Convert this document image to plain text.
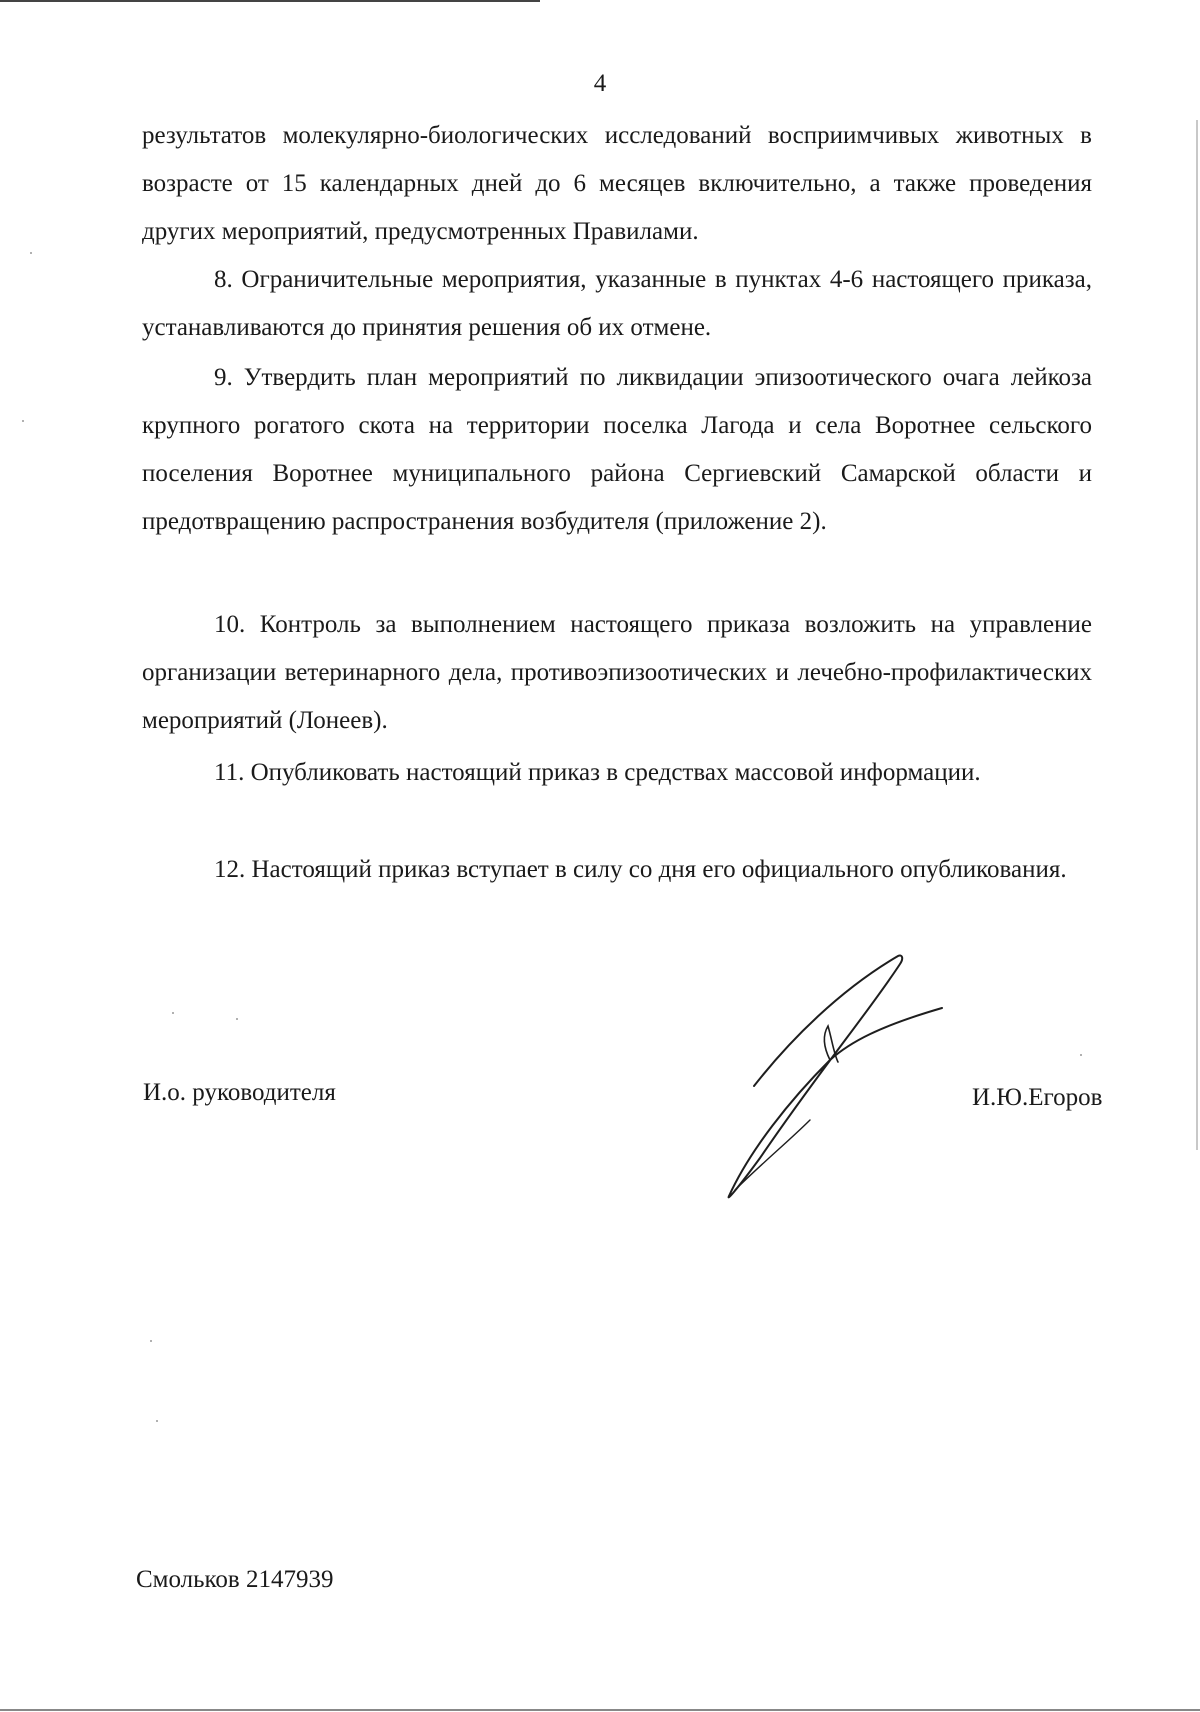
4

результатов молекулярно-биологических исследований восприимчивых животных в возрасте от 15 календарных дней до 6 месяцев включительно, а также проведения других мероприятий, предусмотренных Правилами.

8. Ограничительные мероприятия, указанные в пунктах 4-6 настоящего приказа, устанавливаются до принятия решения об их отмене.

9. Утвердить план мероприятий по ликвидации эпизоотического очага лейкоза крупного рогатого скота на территории поселка Лагода и села Воротнее сельского поселения Воротнее муниципального района Сергиевский Самарской области и предотвращению распространения возбудителя (приложение 2).

10. Контроль за выполнением настоящего приказа возложить на управление организации ветеринарного дела, противоэпизоотических и лечебно-профилактических мероприятий (Лонеев).

11. Опубликовать настоящий приказ в средствах массовой информации.

12. Настоящий приказ вступает в силу со дня его официального опубликования.

И.о. руководителя	И.Ю.Егоров
Смольков 2147939
